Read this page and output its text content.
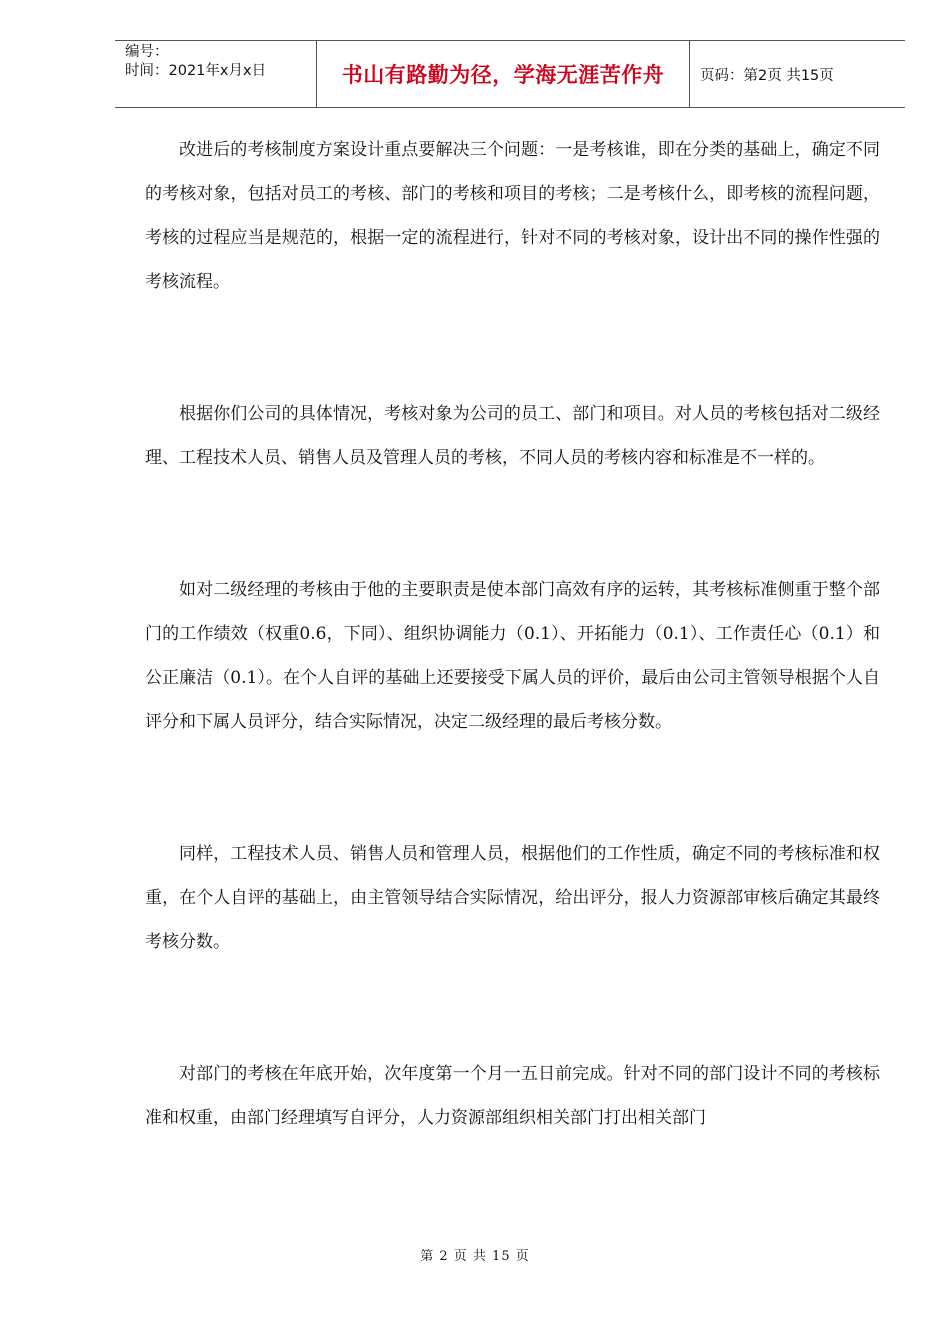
编号：
时间：2021年x月x日	书山有路勤为径，学海无涯苦作舟	页码：第2页 共15页

改进后的考核制度方案设计重点要解决三个问题：一是考核谁，即在分类的基础上，确定不同的考核对象，包括对员工的考核、部门的考核和项目的考核；二是考核什么，即考核的流程问题，考核的过程应当是规范的，根据一定的流程进行，针对不同的考核对象，设计出不同的操作性强的考核流程。

根据你们公司的具体情况，考核对象为公司的员工、部门和项目。对人员的考核包括对二级经理、工程技术人员、销售人员及管理人员的考核，不同人员的考核内容和标准是不一样的。

如对二级经理的考核由于他的主要职责是使本部门高效有序的运转，其考核标准侧重于整个部门的工作绩效（权重0.6，下同）、组织协调能力（0.1）、开拓能力（0.1）、工作责任心（0.1）和公正廉洁（0.1）。在个人自评的基础上还要接受下属人员的评价，最后由公司主管领导根据个人自评分和下属人员评分，结合实际情况，决定二级经理的最后考核分数。

同样，工程技术人员、销售人员和管理人员，根据他们的工作性质，确定不同的考核标准和权重，在个人自评的基础上，由主管领导结合实际情况，给出评分，报人力资源部审核后确定其最终考核分数。

对部门的考核在年底开始，次年度第一个月一五日前完成。针对不同的部门设计不同的考核标准和权重，由部门经理填写自评分，人力资源部组织相关部门打出相关部门

第 2 页 共 15 页
